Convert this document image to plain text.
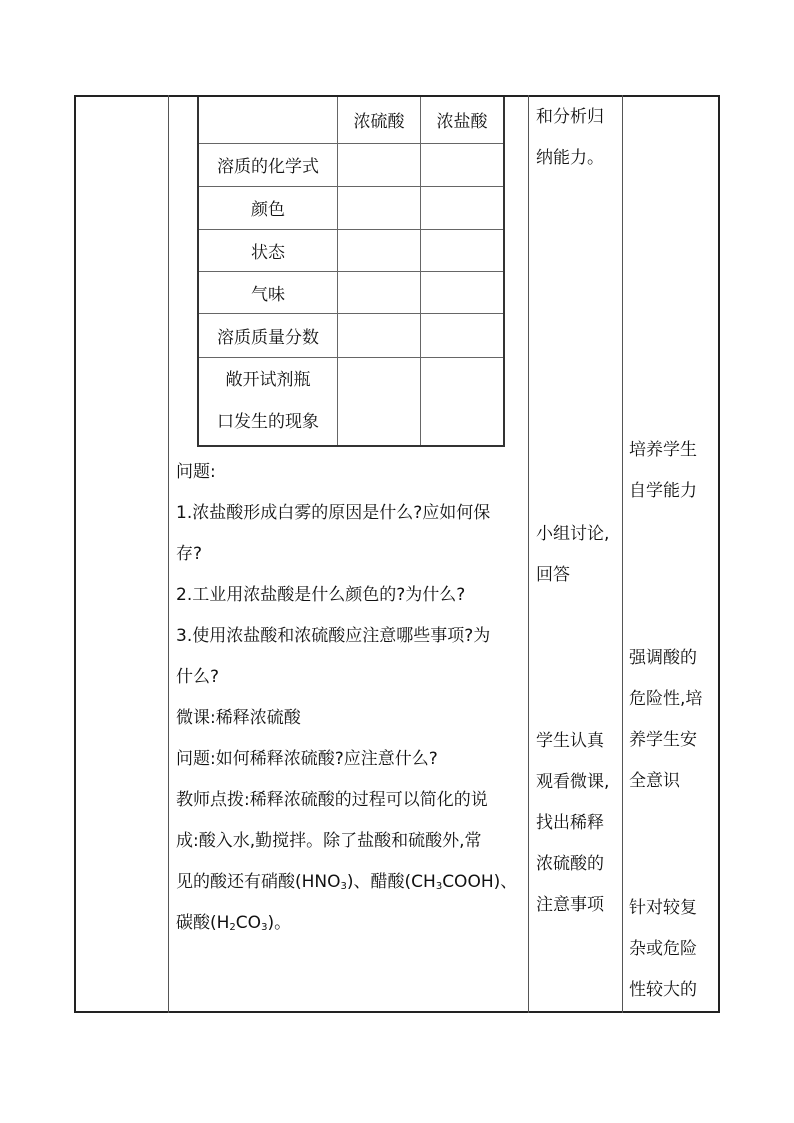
	浓硫酸	浓盐酸
溶质的化学式		
颜色		
状态		
气味		
溶质质量分数		
敞开试剂瓶
口发生的现象		

问题:

1.浓盐酸形成白雾的原因是什么?应如何保

存?

2.工业用浓盐酸是什么颜色的?为什么?

3.使用浓盐酸和浓硫酸应注意哪些事项?为

什么?

微课:稀释浓硫酸

问题:如何稀释浓硫酸?应注意什么?

教师点拨:稀释浓硫酸的过程可以简化的说

成:酸入水,勤搅拌。除了盐酸和硫酸外,常

见的酸还有硝酸$(HNO_3)$、醋酸$(CH_3COOH)$、

碳酸$(H_2CO_3)$。

和分析归
纳能力。
小组讨论,
回答
学生认真
观看微课,
找出稀释
浓硫酸的
注意事项
培养学生
自学能力
强调酸的
危险性,培
养学生安
全意识
针对较复
杂或危险
性较大的
